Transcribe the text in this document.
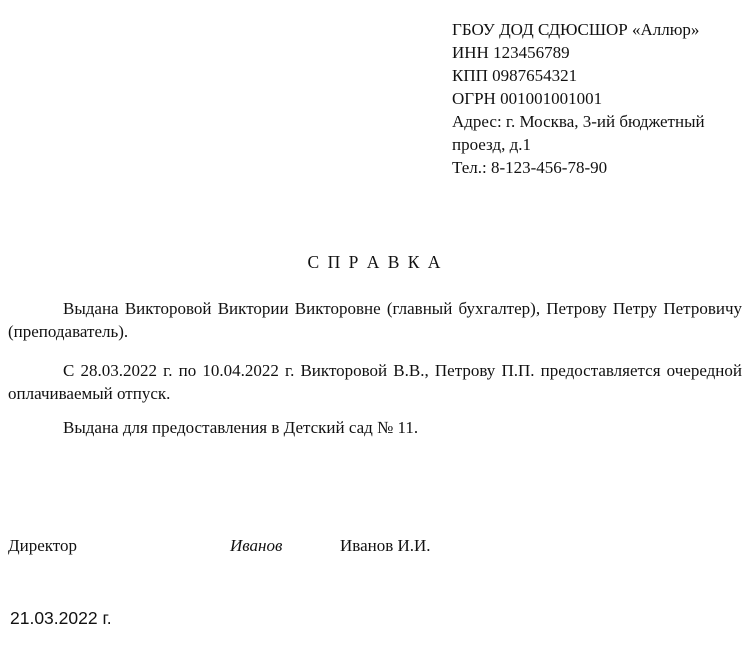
ГБОУ ДОД СДЮСШОР «Аллюр»
ИНН 123456789
КПП 0987654321
ОГРН 001001001001
Адрес: г. Москва, 3-ий бюджетный
проезд, д.1
Тел.: 8-123-456-78-90
С П Р А В К А

Выдана Викторовой Виктории Викторовне (главный бухгалтер), Петрову Петру Петровичу (преподаватель).

С 28.03.2022 г. по 10.04.2022 г. Викторовой В.В., Петрову П.П. предоставляется очередной оплачиваемый отпуск.

Выдана для предоставления в Детский сад № 11.

Директор	Иванов	Иванов И.И.
21.03.2022 г.
